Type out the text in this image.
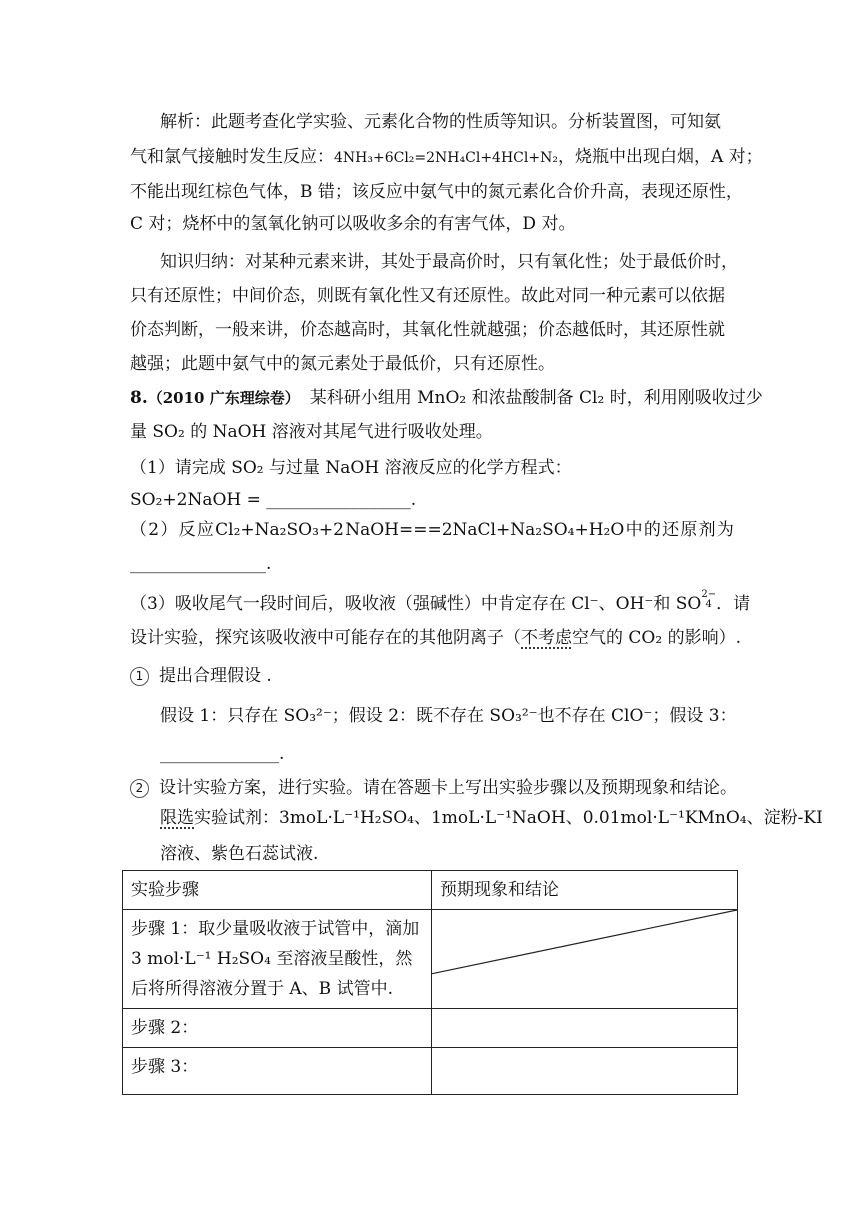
解析：此题考查化学实验、元素化合物的性质等知识。分析装置图，可知氨
气和氯气接触时发生反应：4NH₃+6Cl₂=2NH₄Cl+4HCl+N₂，烧瓶中出现白烟，A 对；
不能出现红棕色气体，B 错；该反应中氨气中的氮元素化合价升高，表现还原性，
C 对；烧杯中的氢氧化钠可以吸收多余的有害气体，D 对。
知识归纳：对某种元素来讲，其处于最高价时，只有氧化性；处于最低价时，
只有还原性；中间价态，则既有氧化性又有还原性。故此对同一种元素可以依据
价态判断，一般来讲，价态越高时，其氧化性就越强；价态越低时，其还原性就
越强；此题中氨气中的氮元素处于最低价，只有还原性。
8.（2010 广东理综卷） 某科研小组用 MnO₂ 和浓盐酸制备 Cl₂ 时，利用刚吸收过少
量 SO₂ 的 NaOH 溶液对其尾气进行吸收处理。
（1）请完成 SO₂ 与过量 NaOH 溶液反应的化学方程式：
SO₂+2NaOH = _________________.
（ 2 ） 反 应 Cl₂+Na₂SO₃+2 NaOH===2NaCl+Na₂SO₄+H₂O 中 的 还 原 剂 为
________________.
（3）吸收尾气一段时间后，吸收液（强碱性）中肯定存在 Cl⁻、OH⁻和 SO2−
4 ．请
设计实验，探究该吸收液中可能存在的其他阴离子（不考虑空气的 CO₂ 的影响）.
1 提出合理假设 .
假设 1：只存在 SO₃²⁻；假设 2：既不存在 SO₃²⁻也不存在 ClO⁻；假设 3：
______________.
2 设计实验方案，进行实验。请在答题卡上写出实验步骤以及预期现象和结论。
限选实验试剂：3moL·L⁻¹H₂SO₄、1moL·L⁻¹NaOH、0.01mol·L⁻¹KMnO₄、淀粉-KI
溶液、紫色石蕊试液.
实验步骤	预期现象和结论
步骤 1：取少量吸收液于试管中，滴加 3 mol·L⁻¹ H₂SO₄ 至溶液呈酸性，然后将所得溶液分置于 A、B 试管中.	

步骤 2：	
步骤 3：	
